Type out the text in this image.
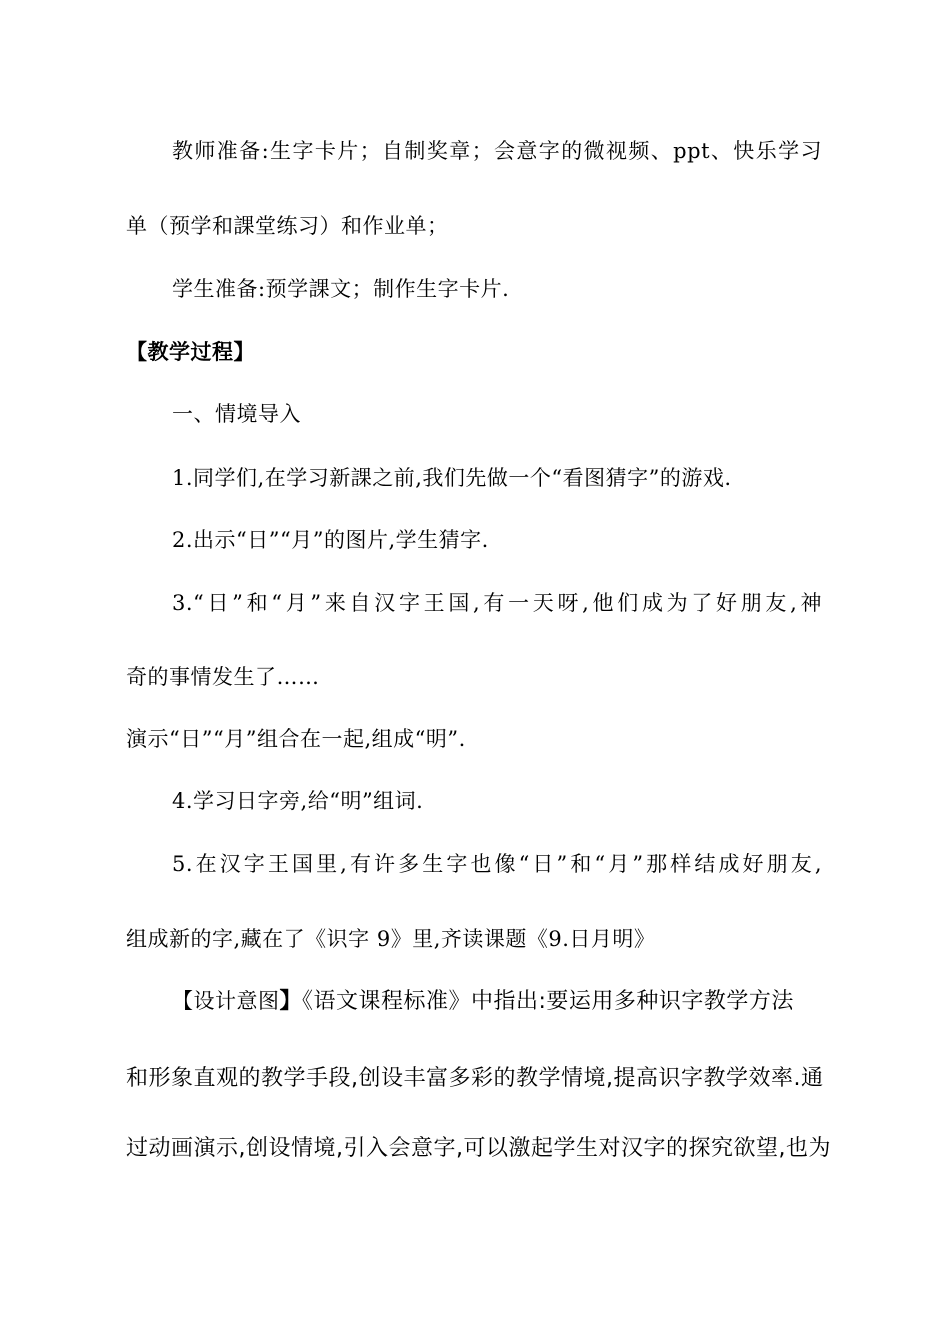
教师准备:生字卡片；自制奖章；会意字的微视频、ppt、快乐学习
单（预学和課堂练习）和作业单；
学生准备:预学課文；制作生字卡片.
【教学过程】
一、情境导入
1.同学们,在学习新課之前,我们先做一个“看图猜字”的游戏.
2.出示“日”“月”的图片,学生猜字.
3.“日”和“月”来自汉字王国,有一天呀,他们成为了好朋友,神
奇的事情发生了……
演示“日”“月”组合在一起,组成“明”.
4.学习日字旁,给“明”组词.
5.在汉字王国里,有许多生字也像“日”和“月”那样结成好朋友,
组成新的字,藏在了《识字 9》里,齐读课题《9.日月明》
【设计意图】《语文课程标准》中指出:要运用多种识字教学方法
和形象直观的教学手段,创设丰富多彩的教学情境,提高识字教学效率.通
过动画演示,创设情境,引入会意字,可以激起学生对汉字的探究欲望,也为
